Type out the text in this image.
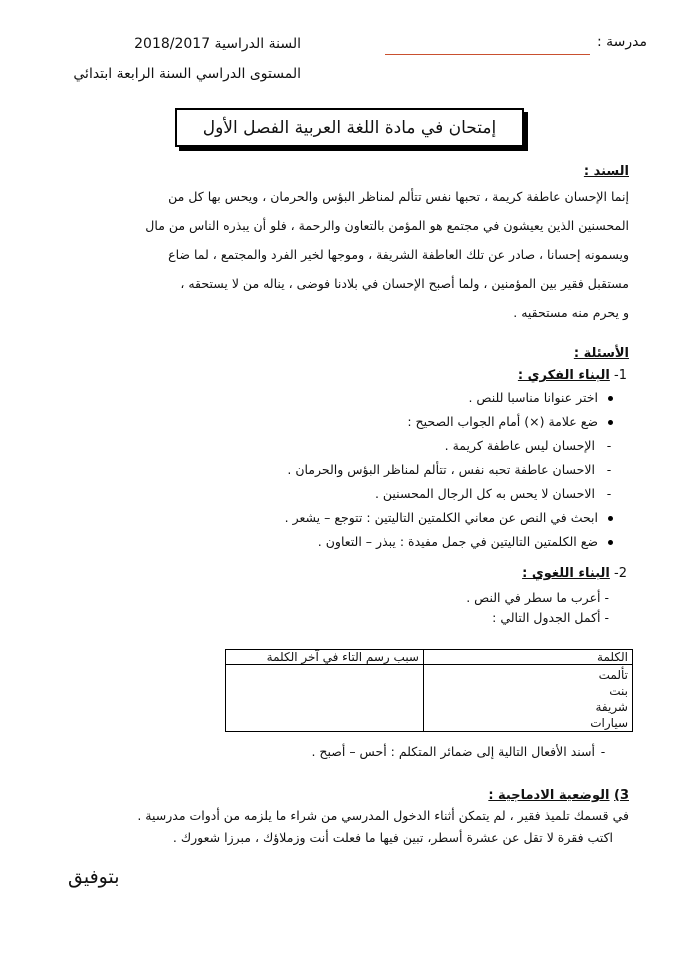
مدرسة :
السنة الدراسية 2018/2017
المستوى الدراسي السنة الرابعة ابتدائي
إمتحان في مادة اللغة العربية الفصل الأول
السند :
إنما الإحسان عاطفة كريمة ، تحبها نفس تتألم لمناظر البؤس والحرمان ، ويحس بها كل من
المحسنين الذين يعيشون في مجتمع هو المؤمن بالتعاون والرحمة ، فلو أن يبذره الناس من مال
ويسمونه إحسانا ، صادر عن تلك العاطفة الشريفة ، وموجها لخير الفرد والمجتمع ، لما ضاع
مستقبل فقير بين المؤمنين ، ولما أصبح الإحسان في بلادنا فوضى ، يناله من لا يستحقه ،
و يحرم منه مستحقيه .
الأسئلة :
1- البناء الفكري :
اختر عنوانا مناسبا للنص .
ضع علامة (×) أمام الجواب الصحيح :
-
الإحسان ليس عاطفة كريمة .
-
الاحسان عاطفة تحبه نفس ، تتألم لمناظر البؤس والحرمان .
-
الاحسان لا يحس به كل الرجال المحسنين .
ابحث في النص عن معاني الكلمتين التاليتين : تتوجع – يشعر .
ضع الكلمتين التاليتين في جمل مفيدة : يبذر – التعاون .
2- البناء اللغوي :
- أعرب ما سطر في النص .
- أكمل الجدول التالي :
الكلمة	سبب رسم التاء في آخر الكلمة

تألمت
بنت
شريفة
سيارات	

- أسند الأفعال التالية إلى ضمائر المتكلم : أحس – أصبح .
3) الوضعية الادماجية :
في قسمك تلميذ فقير ، لم يتمكن أثناء الدخول المدرسي من شراء ما يلزمه من أدوات مدرسية .
اكتب فقرة لا تقل عن عشرة أسطر، تبين فيها ما فعلت أنت وزملاؤك ، مبرزا شعورك .
بتوفيق
